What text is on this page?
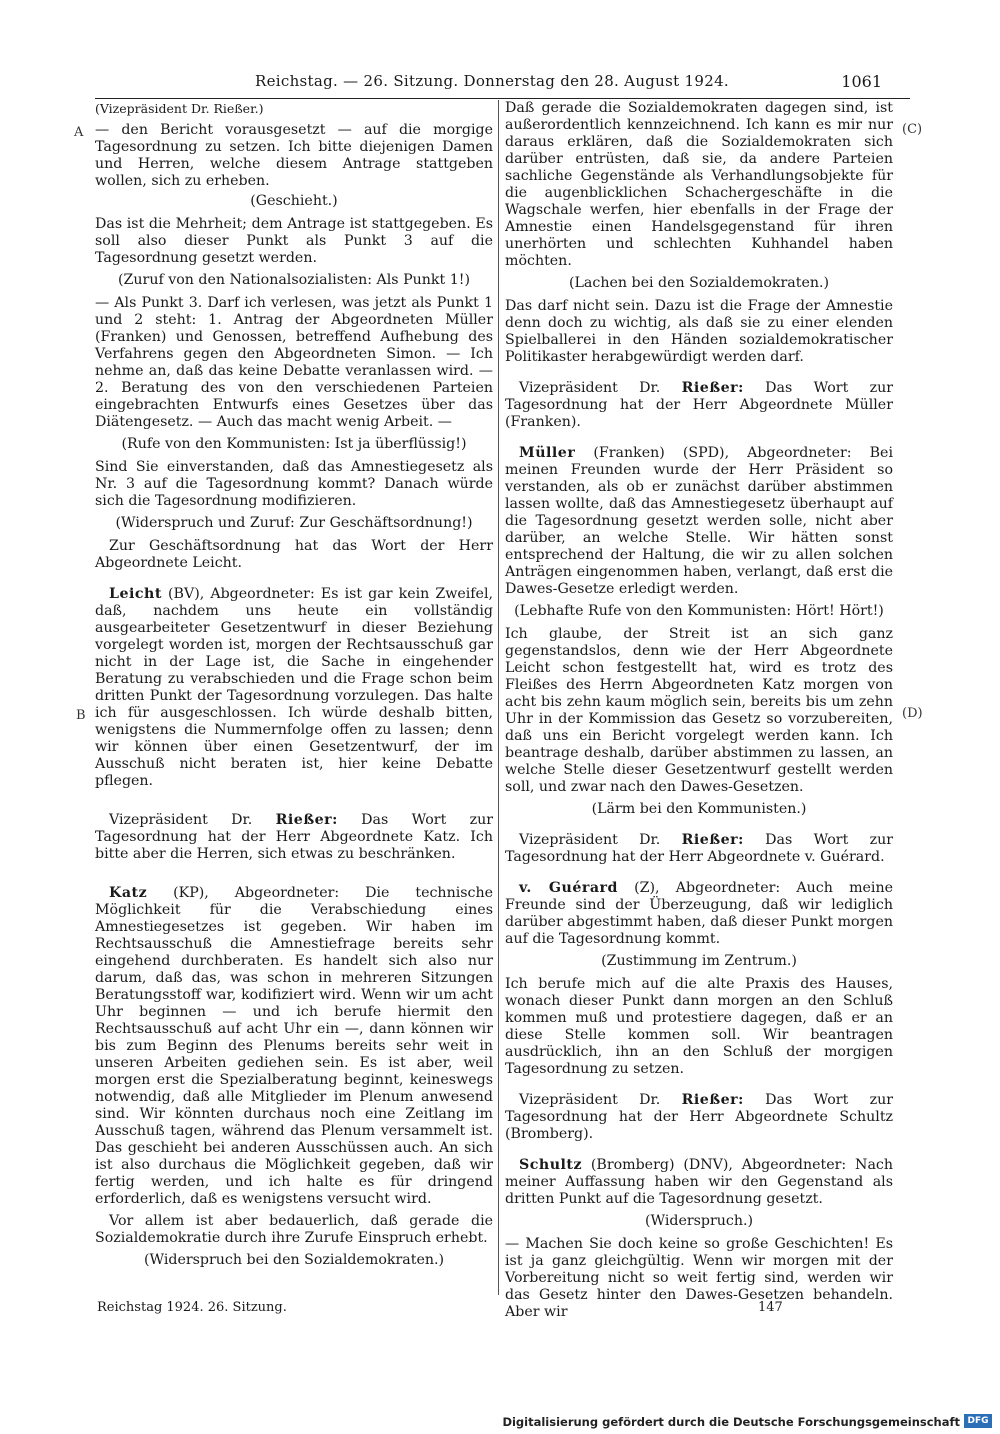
Reichstag. — 26. Sitzung. Donnerstag den 28. August 1924.	1061
A	(C)
(D)
B

(Vizepräsident Dr. Rießer.)

— den Bericht vorausgesetzt — auf die morgige Tagesordnung zu setzen. Ich bitte diejenigen Damen und Herren, welche diesem Antrage stattgeben wollen, sich zu erheben.

(Geschieht.)

Das ist die Mehrheit; dem Antrage ist stattgegeben. Es soll also dieser Punkt als Punkt 3 auf die Tagesordnung gesetzt werden.

(Zuruf von den Nationalsozialisten: Als Punkt 1!)

— Als Punkt 3. Darf ich verlesen, was jetzt als Punkt 1 und 2 steht: 1. Antrag der Abgeordneten Müller (Franken) und Genossen, betreffend Aufhebung des Verfahrens gegen den Abgeordneten Simon. — Ich nehme an, daß das keine Debatte veranlassen wird. — 2. Beratung des von den verschiedenen Parteien eingebrachten Entwurfs eines Gesetzes über das Diätengesetz. — Auch das macht wenig Arbeit. —

(Rufe von den Kommunisten: Ist ja überflüssig!)

Sind Sie einverstanden, daß das Amnestiegesetz als Nr. 3 auf die Tagesordnung kommt? Danach würde sich die Tagesordnung modifizieren.

(Widerspruch und Zuruf: Zur Geschäftsordnung!)

Zur Geschäftsordnung hat das Wort der Herr Abgeordnete Leicht.

Leicht (BV), Abgeordneter: Es ist gar kein Zweifel, daß, nachdem uns heute ein vollständig ausgearbeiteter Gesetzentwurf in dieser Beziehung vorgelegt worden ist, morgen der Rechtsausschuß gar nicht in der Lage ist, die Sache in eingehender Beratung zu verabschieden und die Frage schon beim dritten Punkt der Tagesordnung vorzulegen. Das halte ich für ausgeschlossen. Ich würde deshalb bitten, wenigstens die Nummernfolge offen zu lassen; denn wir können über einen Gesetzentwurf, der im Ausschuß nicht beraten ist, hier keine Debatte pflegen.

Vizepräsident Dr. Rießer: Das Wort zur Tagesordnung hat der Herr Abgeordnete Katz. Ich bitte aber die Herren, sich etwas zu beschränken.

Katz (KP), Abgeordneter: Die technische Möglichkeit für die Verabschiedung eines Amnestiegesetzes ist gegeben. Wir haben im Rechtsausschuß die Amnestiefrage bereits sehr eingehend durchberaten. Es handelt sich also nur darum, daß das, was schon in mehreren Sitzungen Beratungsstoff war, kodifiziert wird. Wenn wir um acht Uhr beginnen — und ich berufe hiermit den Rechtsausschuß auf acht Uhr ein —, dann können wir bis zum Beginn des Plenums bereits sehr weit in unseren Arbeiten gediehen sein. Es ist aber, weil morgen erst die Spezialberatung beginnt, keineswegs notwendig, daß alle Mitglieder im Plenum anwesend sind. Wir könnten durchaus noch eine Zeitlang im Ausschuß tagen, während das Plenum versammelt ist. Das geschieht bei anderen Ausschüssen auch. An sich ist also durchaus die Möglichkeit gegeben, daß wir fertig werden, und ich halte es für dringend erforderlich, daß es wenigstens versucht wird.

Vor allem ist aber bedauerlich, daß gerade die Sozialdemokratie durch ihre Zurufe Einspruch erhebt.

(Widerspruch bei den Sozialdemokraten.)

Daß gerade die Sozialdemokraten dagegen sind, ist außerordentlich kennzeichnend. Ich kann es mir nur daraus erklären, daß die Sozialdemokraten sich darüber entrüsten, daß sie, da andere Parteien sachliche Gegenstände als Verhandlungsobjekte für die augenblicklichen Schachergeschäfte in die Wagschale werfen, hier ebenfalls in der Frage der Amnestie einen Handelsgegenstand für ihren unerhörten und schlechten Kuhhandel haben möchten.

(Lachen bei den Sozialdemokraten.)

Das darf nicht sein. Dazu ist die Frage der Amnestie denn doch zu wichtig, als daß sie zu einer elenden Spielballerei in den Händen sozialdemokratischer Politikaster herabgewürdigt werden darf.

Vizepräsident Dr. Rießer: Das Wort zur Tagesordnung hat der Herr Abgeordnete Müller (Franken).

Müller (Franken) (SPD), Abgeordneter: Bei meinen Freunden wurde der Herr Präsident so verstanden, als ob er zunächst darüber abstimmen lassen wollte, daß das Amnestiegesetz überhaupt auf die Tagesordnung gesetzt werden solle, nicht aber darüber, an welche Stelle. Wir hätten sonst entsprechend der Haltung, die wir zu allen solchen Anträgen eingenommen haben, verlangt, daß erst die Dawes-Gesetze erledigt werden.

(Lebhafte Rufe von den Kommunisten: Hört! Hört!)

Ich glaube, der Streit ist an sich ganz gegenstandslos, denn wie der Herr Abgeordnete Leicht schon festgestellt hat, wird es trotz des Fleißes des Herrn Abgeordneten Katz morgen von acht bis zehn kaum möglich sein, bereits bis um zehn Uhr in der Kommission das Gesetz so vorzubereiten, daß uns ein Bericht vorgelegt werden kann. Ich beantrage deshalb, darüber abstimmen zu lassen, an welche Stelle dieser Gesetzentwurf gestellt werden soll, und zwar nach den Dawes-Gesetzen.

(Lärm bei den Kommunisten.)

Vizepräsident Dr. Rießer: Das Wort zur Tagesordnung hat der Herr Abgeordnete v. Guérard.

v. Guérard (Z), Abgeordneter: Auch meine Freunde sind der Überzeugung, daß wir lediglich darüber abgestimmt haben, daß dieser Punkt morgen auf die Tagesordnung kommt.

(Zustimmung im Zentrum.)

Ich berufe mich auf die alte Praxis des Hauses, wonach dieser Punkt dann morgen an den Schluß kommen muß und protestiere dagegen, daß er an diese Stelle kommen soll. Wir beantragen ausdrücklich, ihn an den Schluß der morgigen Tagesordnung zu setzen.

Vizepräsident Dr. Rießer: Das Wort zur Tagesordnung hat der Herr Abgeordnete Schultz (Bromberg).

Schultz (Bromberg) (DNV), Abgeordneter: Nach meiner Auffassung haben wir den Gegenstand als dritten Punkt auf die Tagesordnung gesetzt.

(Widerspruch.)

— Machen Sie doch keine so große Geschichten! Es ist ja ganz gleichgültig. Wenn wir morgen mit der Vorbereitung nicht so weit fertig sind, werden wir das Gesetz hinter den Dawes-Gesetzen behandeln. Aber wir

Reichstag 1924. 26. Sitzung.	147
Digitalisierung gefördert durch die Deutsche Forschungsgemeinschaft DFG
